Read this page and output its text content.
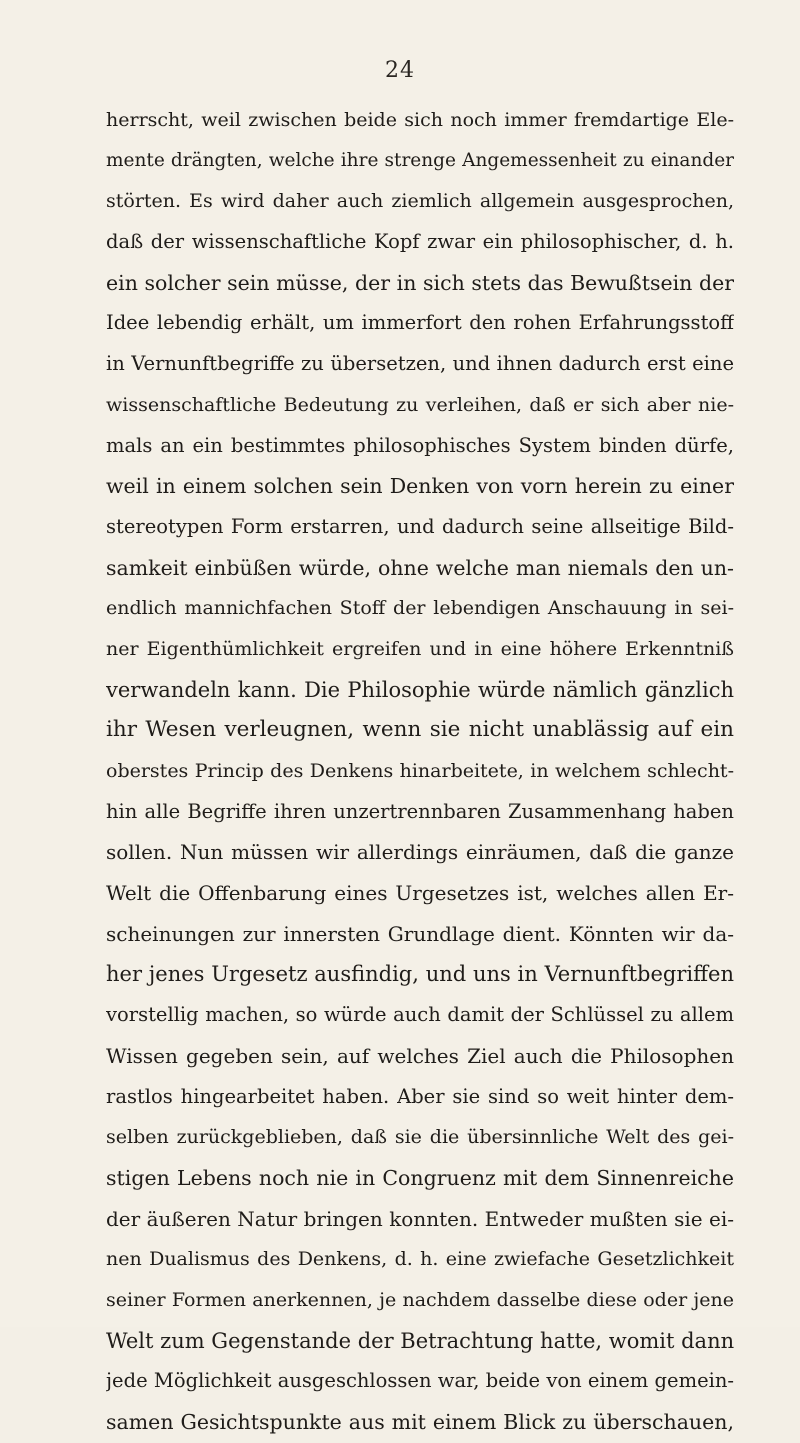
24
herrscht, weil zwischen beide sich noch immer fremdartige Ele-
mente drängten, welche ihre strenge Angemessenheit zu einander
störten. Es wird daher auch ziemlich allgemein ausgesprochen,
daß der wissenschaftliche Kopf zwar ein philosophischer, d. h.
ein solcher sein müsse, der in sich stets das Bewußtsein der
Idee lebendig erhält, um immerfort den rohen Erfahrungsstoff
in Vernunftbegriffe zu übersetzen, und ihnen dadurch erst eine
wissenschaftliche Bedeutung zu verleihen, daß er sich aber nie-
mals an ein bestimmtes philosophisches System binden dürfe,
weil in einem solchen sein Denken von vorn herein zu einer
stereotypen Form erstarren, und dadurch seine allseitige Bild-
samkeit einbüßen würde, ohne welche man niemals den un-
endlich mannichfachen Stoff der lebendigen Anschauung in sei-
ner Eigenthümlichkeit ergreifen und in eine höhere Erkenntniß
verwandeln kann. Die Philosophie würde nämlich gänzlich
ihr Wesen verleugnen, wenn sie nicht unablässig auf ein
oberstes Princip des Denkens hinarbeitete, in welchem schlecht-
hin alle Begriffe ihren unzertrennbaren Zusammenhang haben
sollen. Nun müssen wir allerdings einräumen, daß die ganze
Welt die Offenbarung eines Urgesetzes ist, welches allen Er-
scheinungen zur innersten Grundlage dient. Könnten wir da-
her jenes Urgesetz ausfindig, und uns in Vernunftbegriffen
vorstellig machen, so würde auch damit der Schlüssel zu allem
Wissen gegeben sein, auf welches Ziel auch die Philosophen
rastlos hingearbeitet haben. Aber sie sind so weit hinter dem-
selben zurückgeblieben, daß sie die übersinnliche Welt des gei-
stigen Lebens noch nie in Congruenz mit dem Sinnenreiche
der äußeren Natur bringen konnten. Entweder mußten sie ei-
nen Dualismus des Denkens, d. h. eine zwiefache Gesetzlichkeit
seiner Formen anerkennen, je nachdem dasselbe diese oder jene
Welt zum Gegenstande der Betrachtung hatte, womit dann
jede Möglichkeit ausgeschlossen war, beide von einem gemein-
samen Gesichtspunkte aus mit einem Blick zu überschauen,
